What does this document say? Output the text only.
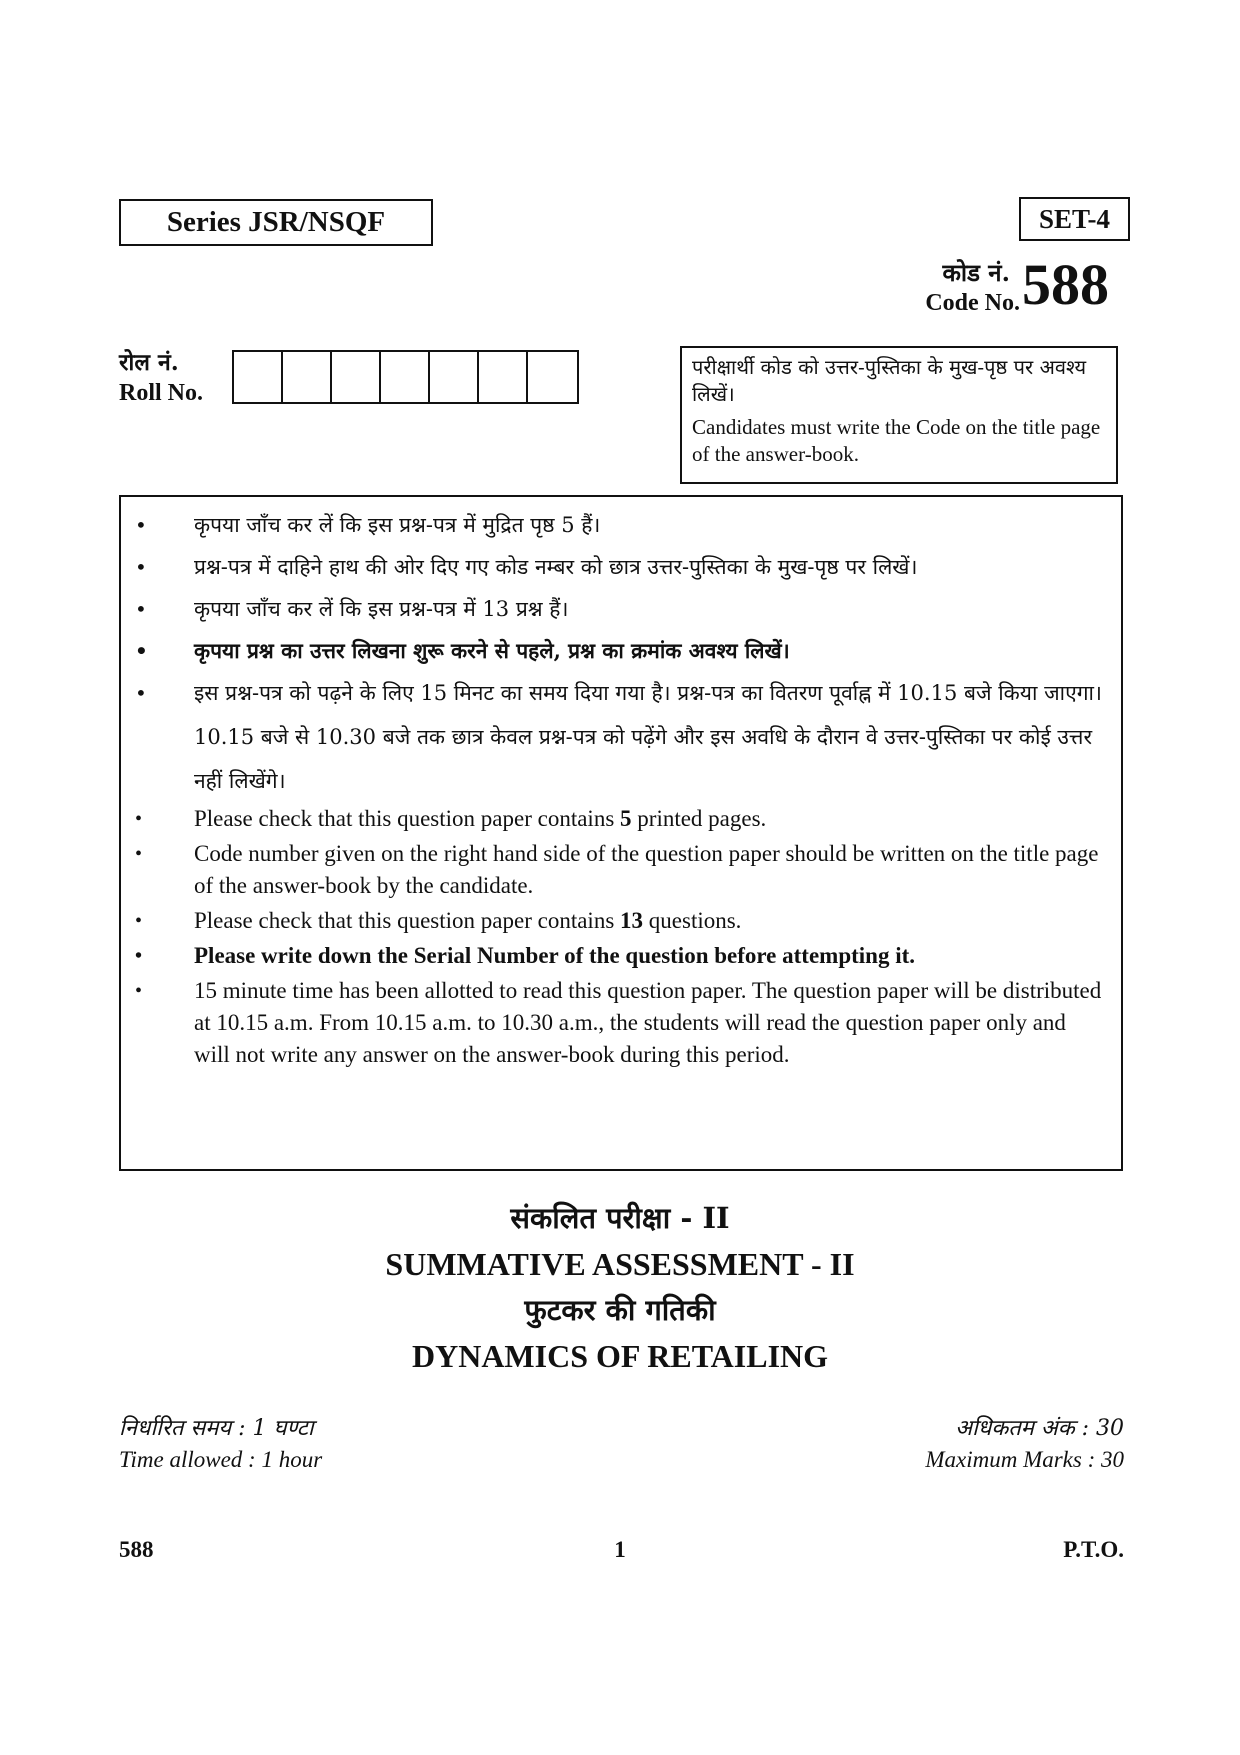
Series JSR/NSQF	SET-4
कोड नं.
Code No. 588
रोल नं.
Roll No.
परीक्षार्थी कोड को उत्तर-पुस्तिका के मुख-पृष्ठ पर अवश्य लिखें।
Candidates must write the Code on the title page of the answer-book.
• कृपया जाँच कर लें कि इस प्रश्न-पत्र में मुद्रित पृष्ठ 5 हैं।
• प्रश्न-पत्र में दाहिने हाथ की ओर दिए गए कोड नम्बर को छात्र उत्तर-पुस्तिका के मुख-पृष्ठ पर लिखें।
• कृपया जाँच कर लें कि इस प्रश्न-पत्र में 13 प्रश्न हैं।
• कृपया प्रश्न का उत्तर लिखना शुरू करने से पहले, प्रश्न का क्रमांक अवश्य लिखें।
• इस प्रश्न-पत्र को पढ़ने के लिए 15 मिनट का समय दिया गया है। प्रश्न-पत्र का वितरण पूर्वाह्न में 10.15 बजे किया जाएगा। 10.15 बजे से 10.30 बजे तक छात्र केवल प्रश्न-पत्र को पढ़ेंगे और इस अवधि के दौरान वे उत्तर-पुस्तिका पर कोई उत्तर नहीं लिखेंगे।
• Please check that this question paper contains 5 printed pages.
• Code number given on the right hand side of the question paper should be written on the title page of the answer-book by the candidate.
• Please check that this question paper contains 13 questions.
• Please write down the Serial Number of the question before attempting it.
• 15 minute time has been allotted to read this question paper. The question paper will be distributed at 10.15 a.m. From 10.15 a.m. to 10.30 a.m., the students will read the question paper only and will not write any answer on the answer-book during this period.
संकलित परीक्षा - II
SUMMATIVE ASSESSMENT - II
फुटकर की गतिकी
DYNAMICS OF RETAILING
निर्धारित समय : 1 घण्टा
Time allowed : 1 hour
अधिकतम अंक : 30
Maximum Marks : 30
588	1	P.T.O.
